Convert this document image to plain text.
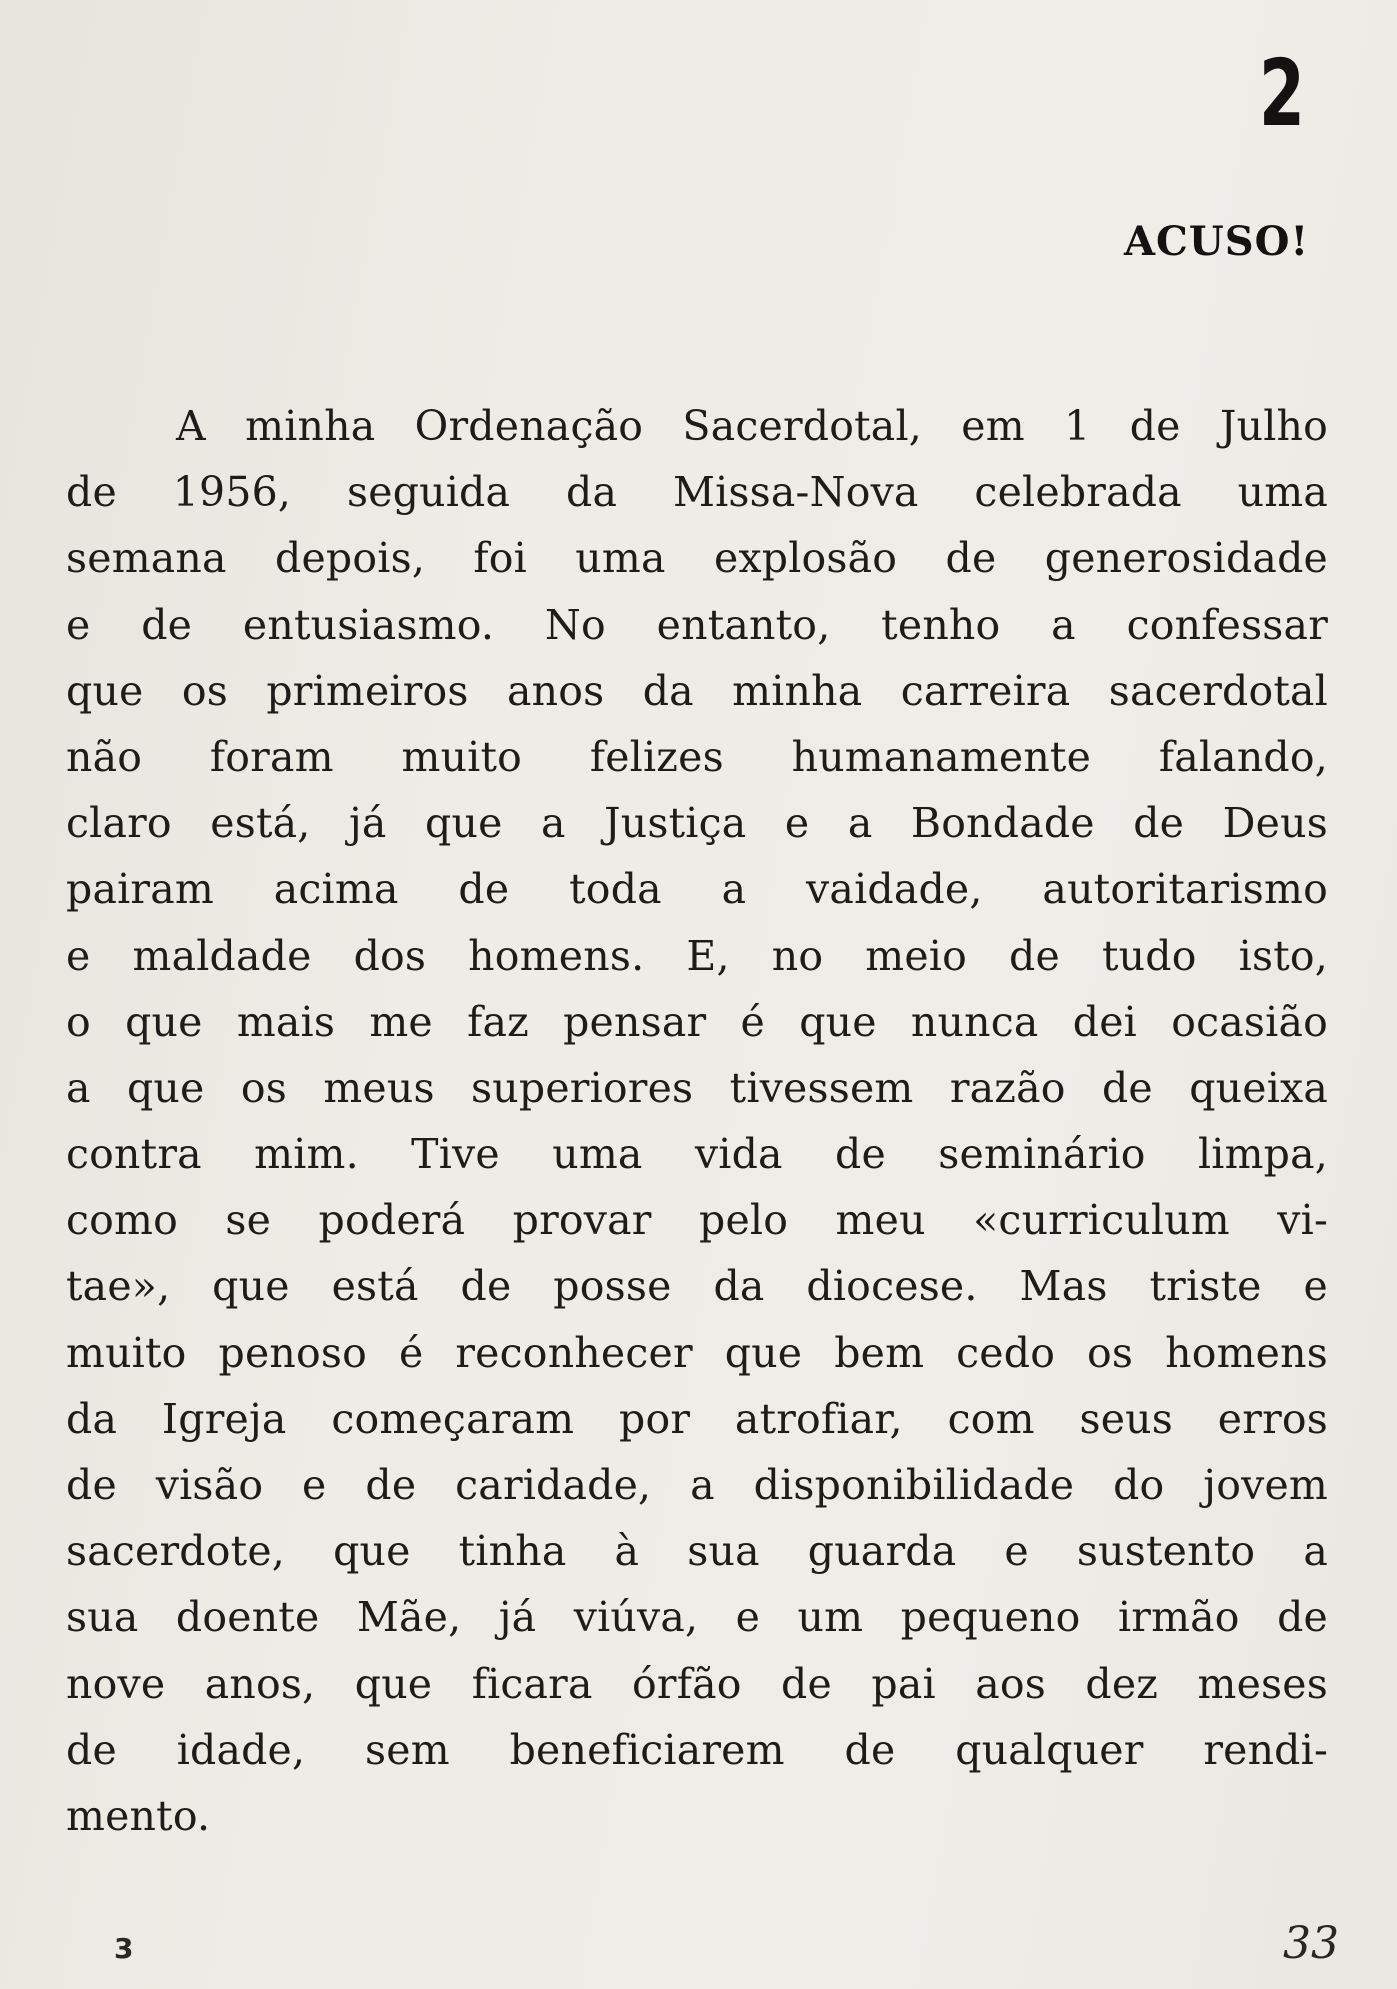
2
ACUSO!
A minha Ordenação Sacerdotal, em 1 de Julho
de 1956, seguida da Missa-Nova celebrada uma
semana depois, foi uma explosão de generosidade
e de entusiasmo. No entanto, tenho a confessar
que os primeiros anos da minha carreira sacerdotal
não foram muito felizes humanamente falando,
claro está, já que a Justiça e a Bondade de Deus
pairam acima de toda a vaidade, autoritarismo
e maldade dos homens. E, no meio de tudo isto,
o que mais me faz pensar é que nunca dei ocasião
a que os meus superiores tivessem razão de queixa
contra mim. Tive uma vida de seminário limpa,
como se poderá provar pelo meu «curriculum vi-
tae», que está de posse da diocese. Mas triste e
muito penoso é reconhecer que bem cedo os homens
da Igreja começaram por atrofiar, com seus erros
de visão e de caridade, a disponibilidade do jovem
sacerdote, que tinha à sua guarda e sustento a
sua doente Mãe, já viúva, e um pequeno irmão de
nove anos, que ficara órfão de pai aos dez meses
de idade, sem beneficiarem de qualquer rendi-
mento.
3	33
